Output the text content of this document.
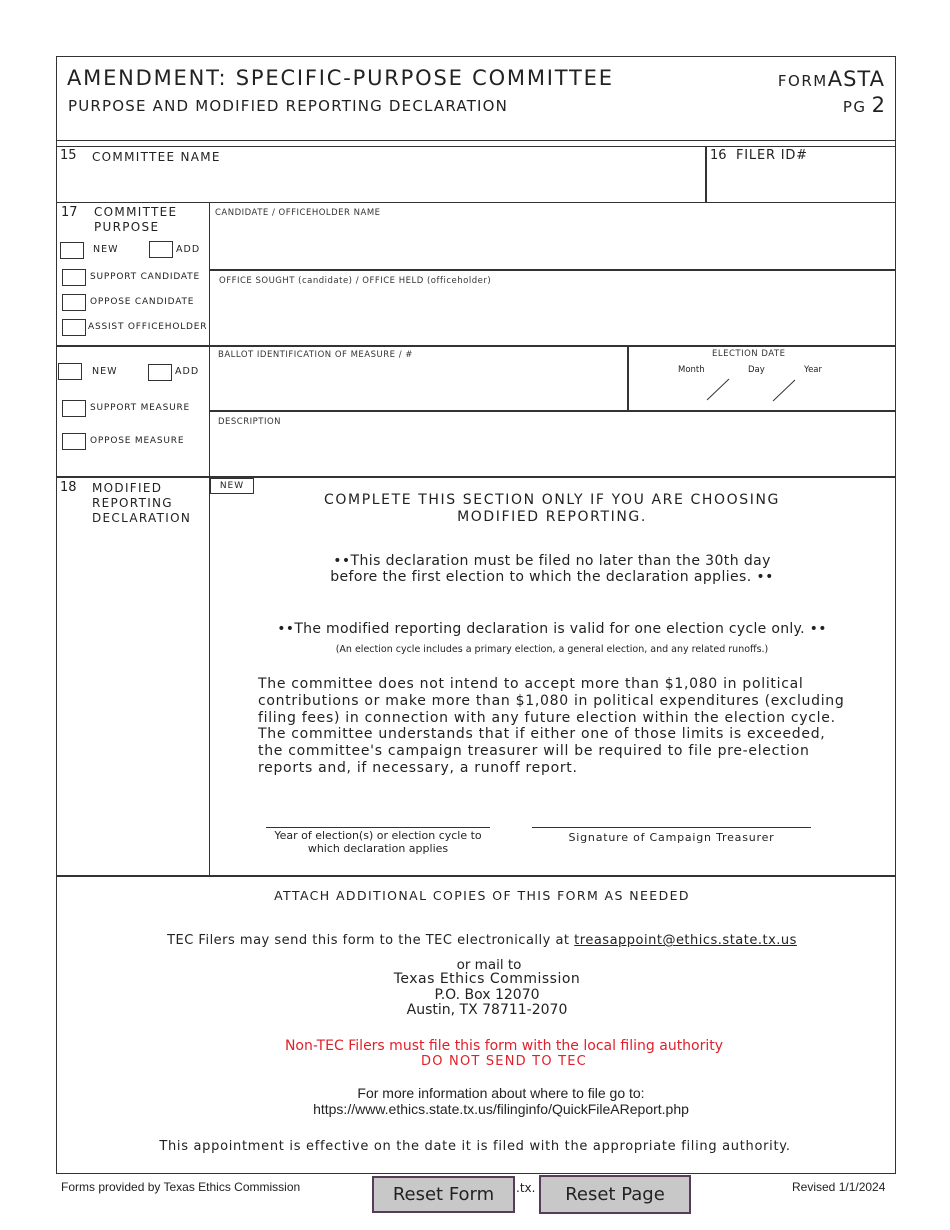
AMENDMENT: SPECIFIC-PURPOSE COMMITTEE
PURPOSE AND MODIFIED REPORTING DECLARATION
FORMASTA
PG 2
15 COMMITTEE NAME	16 FILER ID#
17 COMMITTEE
PURPOSE
NEW	ADD
SUPPORT CANDIDATE
OPPOSE CANDIDATE
ASSIST OFFICEHOLDER
CANDIDATE / OFFICEHOLDER NAME
OFFICE SOUGHT (candidate) / OFFICE HELD (officeholder)
NEW	ADD
SUPPORT MEASURE
OPPOSE MEASURE
BALLOT IDENTIFICATION OF MEASURE / #	ELECTION DATE
Month	Day	Year
DESCRIPTION
18 MODIFIED
REPORTING
DECLARATION
NEW
COMPLETE THIS SECTION ONLY IF YOU ARE CHOOSING
MODIFIED REPORTING.
••This declaration must be filed no later than the 30th day
before the first election to which the declaration applies. ••
••The modified reporting declaration is valid for one election cycle only. ••
(An election cycle includes a primary election, a general election, and any related runoffs.)
The committee does not intend to accept more than $1,080 in political
contributions or make more than $1,080 in political expenditures (excluding
filing fees) in connection with any future election within the election cycle.
The committee understands that if either one of those limits is exceeded,
the committee's campaign treasurer will be required to file pre-election
reports and, if necessary, a runoff report.
Year of election(s) or election cycle to
which declaration applies
Signature of Campaign Treasurer
ATTACH ADDITIONAL COPIES OF THIS FORM AS NEEDED
TEC Filers may send this form to the TEC electronically at treasappoint@ethics.state.tx.us
or mail to
Texas Ethics Commission
P.O. Box 12070
Austin, TX 78711-2070
Non-TEC Filers must file this form with the local filing authority
DO NOT SEND TO TEC
For more information about where to file go to:
https://www.ethics.state.tx.us/filinginfo/QuickFileAReport.php
This appointment is effective on the date it is filed with the appropriate filing authority.
Forms provided by Texas Ethics Commission	.tx.	Revised 1/1/2024
Reset Form	Reset Page
